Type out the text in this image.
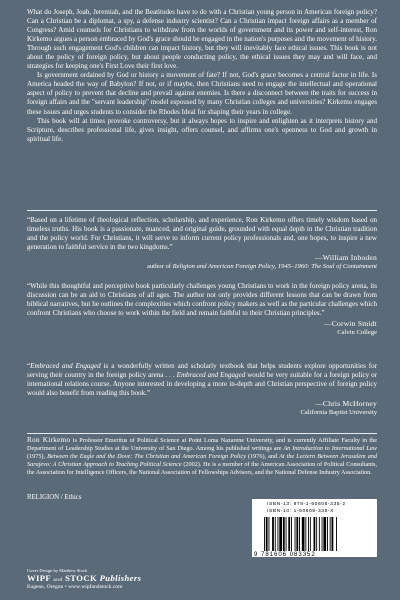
What do Joseph, Joab, Jeremiah, and the Beatitudes have to do with a Christian young person in American foreign policy? Can a Christian be a diplomat, a spy, a defense industry scientist? Can a Christian impact foreign affairs as a member of Congress? Amid counsels for Christians to withdraw from the worlds of government and its power and self-interest, Ron Kirkemo argues a person embraced by God's grace should be engaged in the nation's purposes and the movement of history. Through such engagement God's children can impact history, but they will inevitably face ethical issues. This book is not about the policy of foreign policy, but about people conducting policy, the ethical issues they may and will face, and strategies for keeping one's First Love their first love.

Is government ordained by God or history a movement of fate? If not, God's grace becomes a central factor in life. Is America headed the way of Babylon? If not, or if maybe, then Christians need to engage the intellectual and operational aspect of policy to prevent that decline and prevail against enemies. Is there a disconnect between the traits for success in foreign affairs and the "servant leadership" model espoused by many Christian colleges and universities? Kirkemo engages these issues and urges students to consider the Rhodes Ideal for shaping their years in college.

This book will at times provoke controversy, but it always hopes to inspire and enlighten as it interprets history and Scripture, describes professional life, gives insight, offers counsel, and affirms one's openness to God and growth in spiritual life.

“Based on a lifetime of theological reflection, scholarship, and experience, Ron Kirkemo offers timely wisdom based on timeless truths. His book is a passionate, nuanced, and original guide, grounded with equal depth in the Christian tradition and the policy world. For Christians, it will serve to inform current policy professionals and, one hopes, to inspire a new generation to faithful service in the two kingdoms.”

—William Inboden
author of Religion and American Foreign Policy, 1945–1960: The Soul of Containment

“While this thoughtful and perceptive book particularly challenges young Christians to work in the foreign policy arena, its discussion can be an aid to Christians of all ages. The author not only provides different lessons that can be drawn from biblical narratives, but he outlines the complexities which confront policy makers as well as the particular challenges which confront Christians who choose to work within the field and remain faithful to their Christian principles.”

—Corwin Smidt
Calvin College

“Embraced and Engaged is a wonderfully written and scholarly textbook that helps students explore opportunities for serving their country in the foreign policy arena . . . Embraced and Engaged would be very suitable for a foreign policy or international relations course. Anyone interested in developing a more in-depth and Christian perspective of foreign policy would also benefit from reading this book.”

—Chris McHorney
California Baptist University

Ron Kirkemo is Professor Emeritus of Political Science at Point Loma Nazarene University, and is currently Affiliate Faculty in the Department of Leadership Studies at the University of San Diego. Among his published writings are An Introduction to International Law (1975), Between the Eagle and the Dove: The Christian and American Foreign Policy (1976), and At the Lectern Between Jerusalem and Sarajevo: A Christian Approach to Teaching Political Science (2002). He is a member of the American Association of Political Consultants, the Association for Intelligence Officers, the National Association of Fellowships Advisors, and the National Defense Industry Association.

RELIGION / Ethics
ISBN-13: 978-1-60608-335-2
ISBN-10: 1-60608-335-X
9 781606 083352
Cover Design by Matthew Stock
WIPF and STOCK Publishers
Eugene, Oregon • www.wipfandstock.com
